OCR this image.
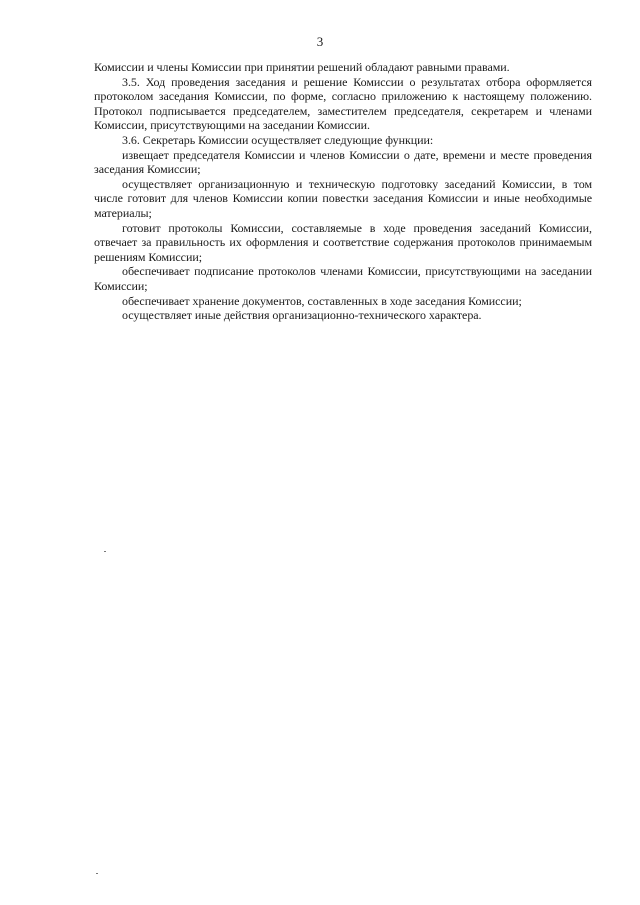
3

Комиссии и члены Комиссии при принятии решений обладают равными правами.

3.5. Ход проведения заседания и решение Комиссии о результатах отбора оформляется протоколом заседания Комиссии, по форме, согласно приложению к настоящему положению. Протокол подписывается председателем, заместителем председателя, секретарем и членами Комиссии, присутствующими на заседании Комиссии.

3.6. Секретарь Комиссии осуществляет следующие функции:

извещает председателя Комиссии и членов Комиссии о дате, времени и месте проведения заседания Комиссии;

осуществляет организационную и техническую подготовку заседаний Комиссии, в том числе готовит для членов Комиссии копии повестки заседания Комиссии и иные необходимые материалы;

готовит протоколы Комиссии, составляемые в ходе проведения заседаний Комиссии, отвечает за правильность их оформления и соответствие содержания протоколов принимаемым решениям Комиссии;

обеспечивает подписание протоколов членами Комиссии, присутствующими на заседании Комиссии;

обеспечивает хранение документов, составленных в ходе заседания Комиссии;

осуществляет иные действия организационно-технического характера.
